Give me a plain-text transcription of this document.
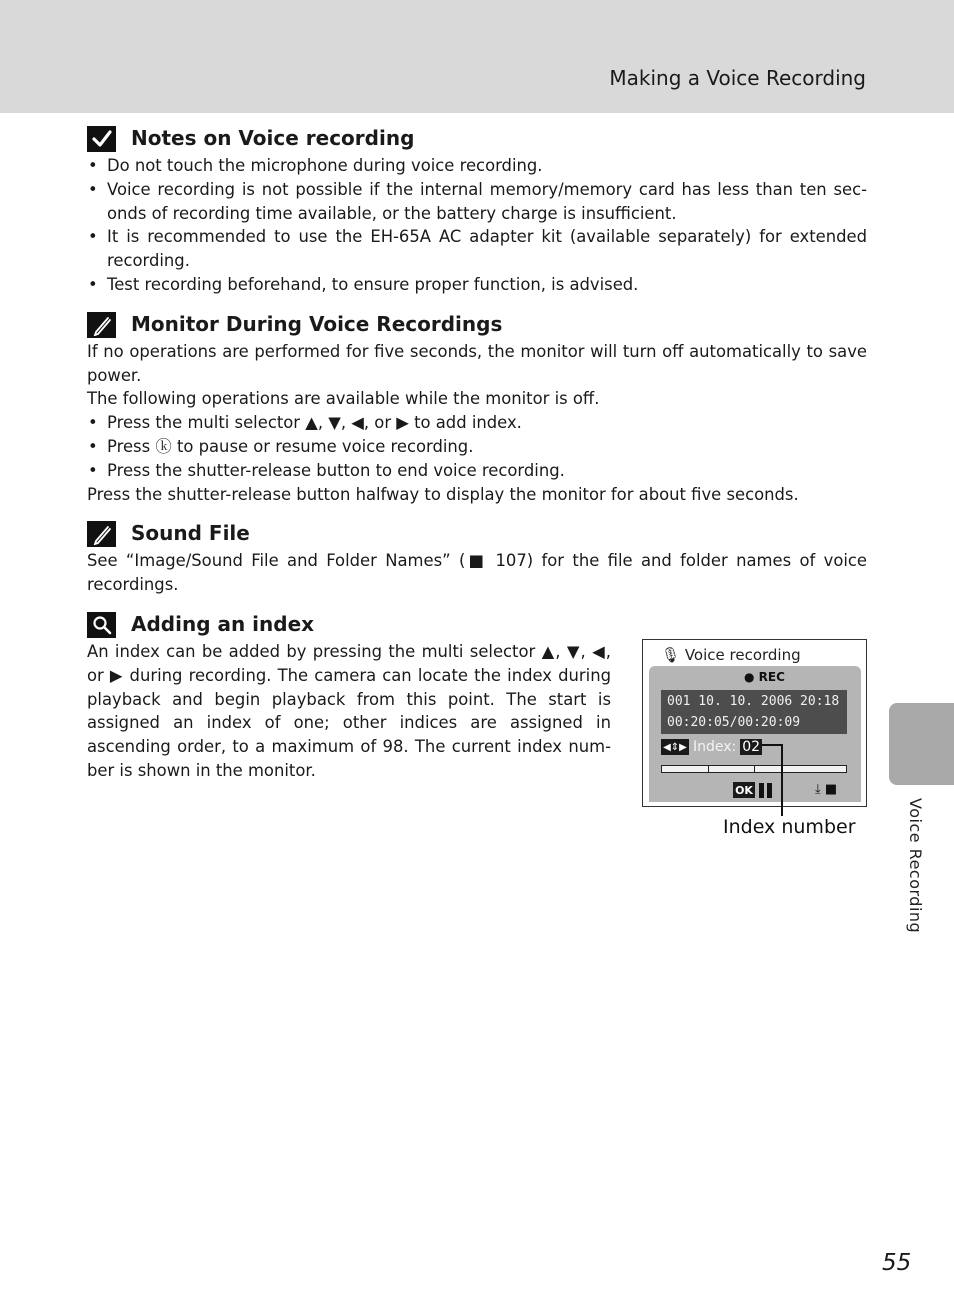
Making a Voice Recording
Voice Recording
Notes on Voice recording
• Do not touch the microphone during voice recording.
• Voice recording is not possible if the internal memory/memory card has less than ten sec- onds of recording time available, or the battery charge is insufficient.
• It is recommended to use the EH-65A AC adapter kit (available separately) for extended recording.
• Test recording beforehand, to ensure proper function, is advised.
Monitor During Voice Recordings

If no operations are performed for five seconds, the monitor will turn off automatically to save power.

The following operations are available while the monitor is off.

• Press the multi selector ▲, ▼, ◀, or ▶ to add index.
• Press ⓚ to pause or resume voice recording.
• Press the shutter-release button to end voice recording.

Press the shutter-release button halfway to display the monitor for about five seconds.

Sound File

See “Image/Sound File and Folder Names” (■ 107) for the file and folder names of voice recordings.

Adding an index

An index can be added by pressing the multi selector ▲, ▼, ◀, or ▶ during recording. The camera can locate the index during playback and begin playback from this point. The start is assigned an index of one; other indices are assigned in ascending order, to a maximum of 98. The current index num- ber is shown in the monitor.

🎙︎ Voice recording
● REC
001 10. 10. 2006 20:18
00:20:05/00:20:09
◀⇕▶ Index: 02
OK	⤓ ■
Index number
55
